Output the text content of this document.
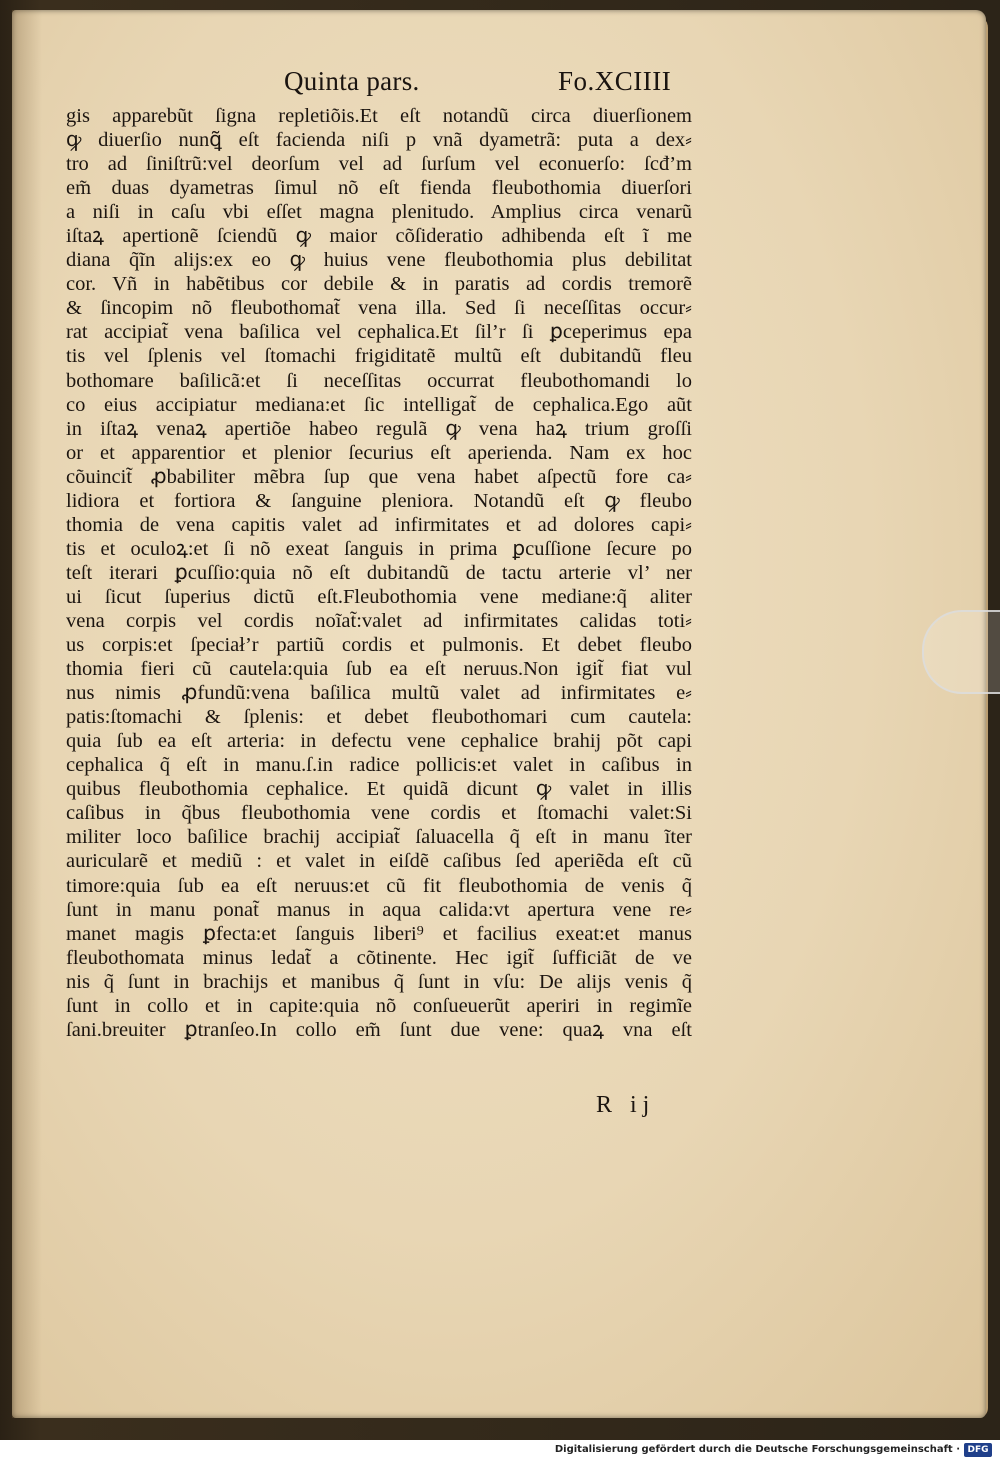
Quinta pars.	Fo.XCIIII
gis apparebũt ſigna repletiõis.Et eſt notandũ circa diuerſionem
ꝙ diuerſio nunꝗ̃ eſt facienda niſi p vnã dyametrã: puta a dex⸗
tro ad ſiniſtrũ:vel deorſum vel ad ſurſum vel econuerſo: ſcđ’m
em̃ duas dyametras ſimul nõ eſt fienda fleubothomia diuerſori
a niſi in caſu vbi eſſet magna plenitudo. Amplius circa venarũ
iſtaꝝ apertionẽ ſciendũ ꝙ maior cõſideratio adhibenda eſt ĩ me
diana q̃ĩn alijs:ex eo ꝙ huius vene fleubothomia plus debilitat
cor. Vñ in habẽtibus cor debile & in paratis ad cordis tremorẽ
& ſincopim nõ fleubothomat̃ vena illa. Sed ſi neceſſitas occur⸗
rat accipiat̃ vena baſilica vel cephalica.Et ſil’r ſi ꝑceperimus epa
tis vel ſplenis vel ſtomachi frigiditatẽ multũ eſt dubitandũ fleu
bothomare baſilicã:et ſi neceſſitas occurrat fleubothomandi lo
co eius accipiatur mediana:et ſic intelligat̃ de cephalica.Ego aũt
in iſtaꝝ venaꝝ apertiõe habeo regulã ꝙ vena haꝝ trium groſſi
or et apparentior et plenior ſecurius eſt aperienda. Nam ex hoc
cõuincit̃ ꝓbabiliter mẽbra ſup que vena habet aſpectũ fore ca⸗
lidiora et fortiora & ſanguine pleniora. Notandũ eſt ꝙ fleubo
thomia de vena capitis valet ad infirmitates et ad dolores capi⸗
tis et oculoꝝ:et ſi nõ exeat ſanguis in prima ꝑcuſſione ſecure po
teſt iterari ꝑcuſſio:quia nõ eſt dubitandũ de tactu arterie vl’ ner
ui ſicut ſuperius dictũ eſt.Fleubothomia vene mediane:q̃ aliter
vena corpis vel cordis noĩat̃:valet ad infirmitates calidas toti⸗
us corpis:et ſpeciał’r partiũ cordis et pulmonis. Et debet fleubo
thomia fieri cũ cautela:quia ſub ea eſt neruus.Non igit̃ fiat vul
nus nimis ꝓfundũ:vena baſilica multũ valet ad infirmitates e⸗
patis:ſtomachi & ſplenis: et debet fleubothomari cum cautela:
quia ſub ea eſt arteria: in defectu vene cephalice brahij põt capi
cephalica q̃ eſt in manu.ſ.in radice pollicis:et valet in caſibus in
quibus fleubothomia cephalice. Et quidã dicunt ꝙ valet in illis
caſibus in q̃bus fleubothomia vene cordis et ſtomachi valet:Si
militer loco baſilice brachij accipiat̃ ſaluacella q̃ eſt in manu ĩter
auricularẽ et mediũ : et valet in eiſdẽ caſibus ſed aperiẽda eſt cũ
timore:quia ſub ea eſt neruus:et cũ fit fleubothomia de venis q̃
ſunt in manu ponat̃ manus in aqua calida:vt apertura vene re⸗
manet magis ꝑfecta:et ſanguis liberi⁹ et facilius exeat:et manus
fleubothomata minus ledat̃ a cõtinente. Hec igit̃ ſufficiãt de ve
nis q̃ ſunt in brachijs et manibus q̃ ſunt in vſu: De alijs venis q̃
ſunt in collo et in capite:quia nõ conſueuerũt aperiri in regimĩe
ſani.breuiter ꝑtranſeo.In collo em̃ ſunt due vene: quaꝝ vna eſt
R ij
Digitalisierung gefördert durch die Deutsche Forschungsgemeinschaft · DFG
